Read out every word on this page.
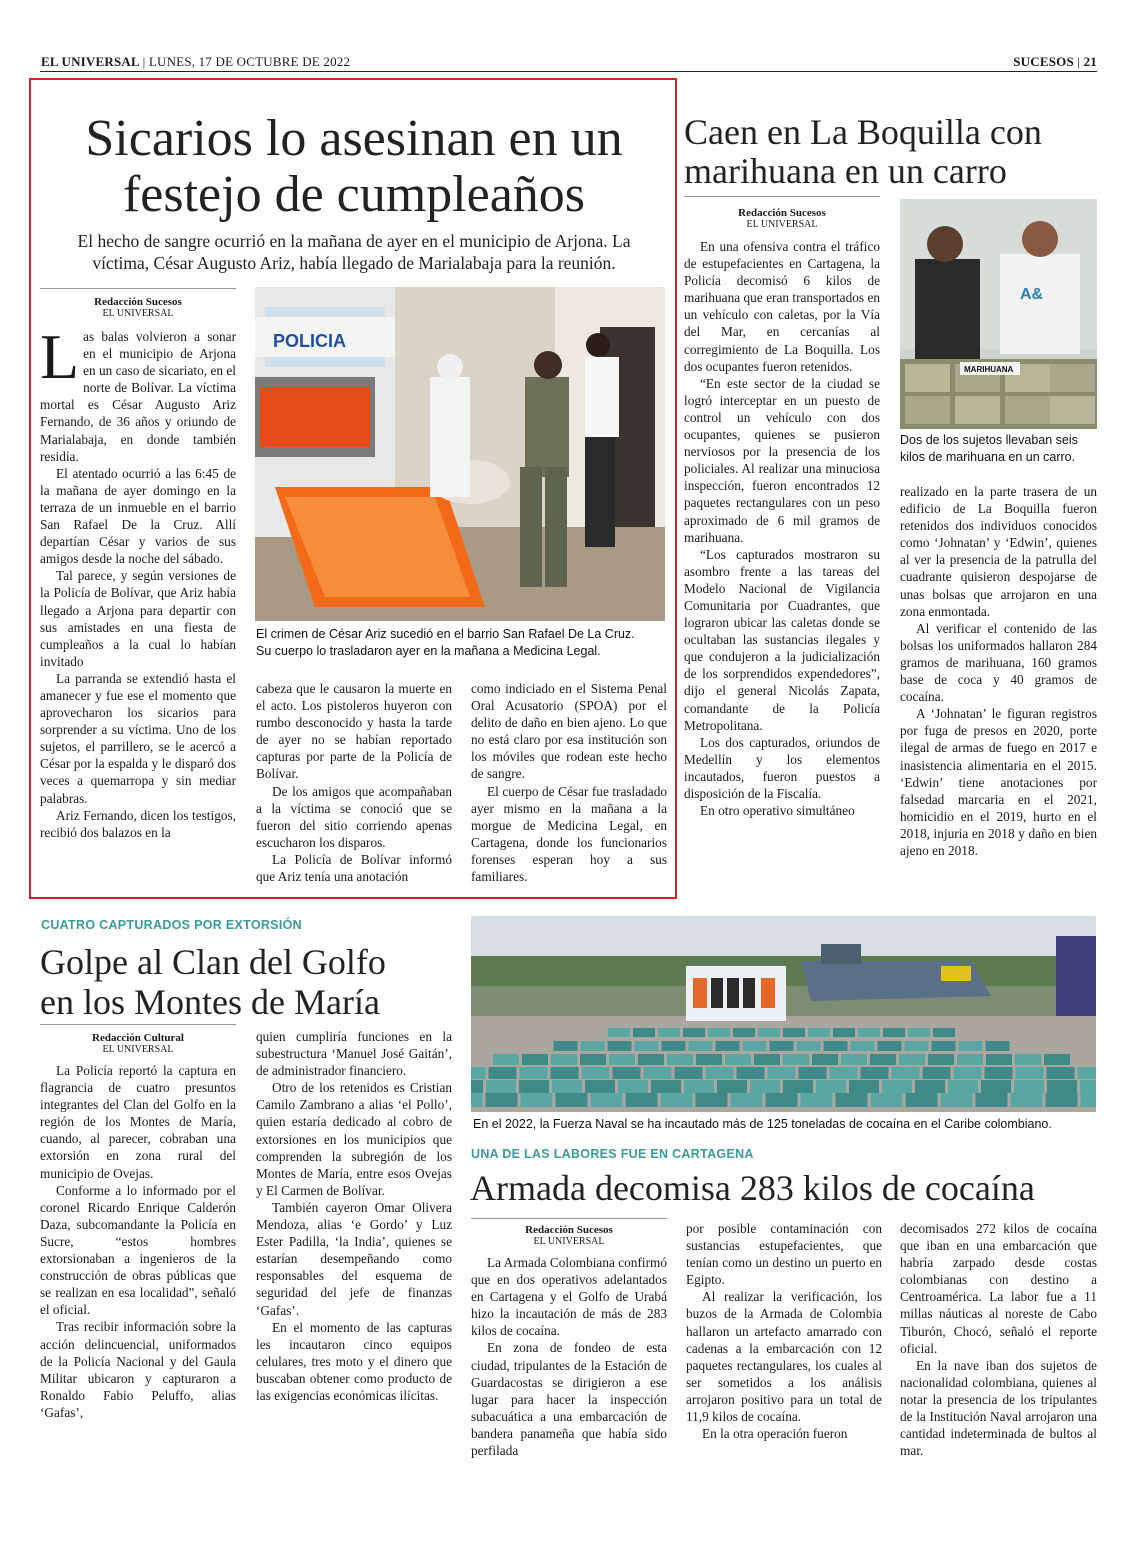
EL UNIVERSAL | LUNES, 17 DE OCTUBRE DE 2022	SUCESOS | 21
Sicarios lo asesinan en un
festejo de cumpleaños
El hecho de sangre ocurrió en la mañana de ayer en el municipio de Arjona. La
víctima, César Augusto Ariz, había llegado de Marialabaja para la reunión.
Redacción Sucesos
EL UNIVERSAL

Las balas volvieron a sonar en el municipio de Arjona en un caso de sicariato, en el norte de Bolívar. La víctima mortal es César Augusto Ariz Fernando, de 36 años y oriundo de Marialabaja, en donde también residía.

El atentado ocurrió a las 6:45 de la mañana de ayer domingo en la terraza de un inmueble en el barrio San Rafael De la Cruz. Allí departían César y varios de sus amigos desde la noche del sábado.

Tal parece, y según versiones de la Policía de Bolívar, que Ariz había llegado a Arjona para departir con sus amistades en una fiesta de cumpleaños a la cual lo habían invitado

La parranda se extendió hasta el amanecer y fue ese el momento que aprovecharon los sicarios para sorprender a su víctima. Uno de los sujetos, el parrillero, se le acercó a César por la espalda y le disparó dos veces a quemarropa y sin mediar palabras.

Ariz Fernando, dicen los testigos, recibió dos balazos en la

POLICIA
El crimen de César Ariz sucedió en el barrio San Rafael De La Cruz.
Su cuerpo lo trasladaron ayer en la mañana a Medicina Legal.

cabeza que le causaron la muerte en el acto. Los pistoleros huyeron con rumbo desconocido y hasta la tarde de ayer no se habían reportado capturas por parte de la Policía de Bolívar.

De los amigos que acompañaban a la víctima se conoció que se fueron del sitio corriendo apenas escucharon los disparos.

La Policía de Bolívar informó que Ariz tenía una anotación

como indiciado en el Sistema Penal Oral Acusatorio (SPOA) por el delito de daño en bien ajeno. Lo que no está claro por esa institución son los móviles que rodean este hecho de sangre.

El cuerpo de César fue trasladado ayer mismo en la mañana a la morgue de Medicina Legal, en Cartagena, donde los funcionarios forenses esperan hoy a sus familiares.

Caen en La Boquilla con
marihuana en un carro
Redacción Sucesos
EL UNIVERSAL

En una ofensiva contra el tráfico de estupefacientes en Cartagena, la Policía decomisó 6 kilos de marihuana que eran transportados en un vehículo con caletas, por la Vía del Mar, en cercanías al corregimiento de La Boquilla. Los dos ocupantes fueron retenidos.

“En este sector de la ciudad se logró interceptar en un puesto de control un vehículo con dos ocupantes, quienes se pusieron nerviosos por la presencia de los policiales. Al realizar una minuciosa inspección, fueron encontrados 12 paquetes rectangulares con un peso aproximado de 6 mil gramos de marihuana.

“Los capturados mostraron su asombro frente a las tareas del Modelo Nacional de Vigilancia Comunitaria por Cuadrantes, que lograron ubicar las caletas donde se ocultaban las sustancias ilegales y que condujeron a la judicialización de los sorprendidos expendedores”, dijo el general Nicolás Zapata, comandante de la Policía Metropolitana.

Los dos capturados, oriundos de Medellín y los elementos incautados, fueron puestos a disposición de la Fiscalía.

En otro operativo simultáneo

A&
MARIHUANA
Dos de los sujetos llevaban seis
kilos de marihuana en un carro.

realizado en la parte trasera de un edificio de La Boquilla fueron retenidos dos individuos conocidos como ‘Johnatan’ y ‘Edwin’, quienes al ver la presencia de la patrulla del cuadrante quisieron despojarse de unas bolsas que arrojaron en una zona enmontada.

Al verificar el contenido de las bolsas los uniformados hallaron 284 gramos de marihuana, 160 gramos base de coca y 40 gramos de cocaína.

A ‘Johnatan’ le figuran registros por fuga de presos en 2020, porte ilegal de armas de fuego en 2017 e inasistencia alimentaria en el 2015. ‘Edwin’ tiene anotaciones por falsedad marcaria en el 2021, homicidio en el 2019, hurto en el 2018, injuria en 2018 y daño en bien ajeno en 2018.

CUATRO CAPTURADOS POR EXTORSIÓN
Golpe al Clan del Golfo
en los Montes de María
Redacción Cultural
EL UNIVERSAL

La Policía reportó la captura en flagrancia de cuatro presuntos integrantes del Clan del Golfo en la región de los Montes de María, cuando, al parecer, cobraban una extorsión en zona rural del municipio de Ovejas.

Conforme a lo informado por el coronel Ricardo Enrique Calderón Daza, subcomandante la Policía en Sucre, “estos hombres extorsionaban a ingenieros de la construcción de obras públicas que se realizan en esa localidad”, señaló el oficial.

Tras recibir información sobre la acción delincuencial, uniformados de la Policía Nacional y del Gaula Militar ubicaron y capturaron a Ronaldo Fabio Peluffo, alias ‘Gafas’,

quien cumpliría funciones en la subestructura ‘Manuel José Gaitán’, de administrador financiero.

Otro de los retenidos es Cristian Camilo Zambrano a alias ‘el Pollo’, quien estaría dedicado al cobro de extorsiones en los municipios que comprenden la subregión de los Montes de María, entre esos Ovejas y El Carmen de Bolívar.

También cayeron Omar Olivera Mendoza, alias ‘e Gordo’ y Luz Ester Padilla, ‘la India’, quienes se estarían desempeñando como responsables del esquema de seguridad del jefe de finanzas ‘Gafas’.

En el momento de las capturas les incautaron cinco equipos celulares, tres moto y el dinero que buscaban obtener como producto de las exigencias económicas ilícitas.

En el 2022, la Fuerza Naval se ha incautado más de 125 toneladas de cocaína en el Caribe colombiano.
UNA DE LAS LABORES FUE EN CARTAGENA
Armada decomisa 283 kilos de cocaína
Redacción Sucesos
EL UNIVERSAL

La Armada Colombiana confirmó que en dos operativos adelantados en Cartagena y el Golfo de Urabá hizo la incautación de más de 283 kilos de cocaína.

En zona de fondeo de esta ciudad, tripulantes de la Estación de Guardacostas se dirigieron a ese lugar para hacer la inspección subacuática a una embarcación de bandera panameña que había sido perfilada

por posible contaminación con sustancias estupefacientes, que tenían como un destino un puerto en Egipto.

Al realizar la verificación, los buzos de la Armada de Colombia hallaron un artefacto amarrado con cadenas a la embarcación con 12 paquetes rectangulares, los cuales al ser sometidos a los análisis arrojaron positivo para un total de 11,9 kilos de cocaína.

En la otra operación fueron

decomisados 272 kilos de cocaína que iban en una embarcación que habría zarpado desde costas colombianas con destino a Centroamérica. La labor fue a 11 millas náuticas al noreste de Cabo Tiburón, Chocó, señaló el reporte oficial.

En la nave iban dos sujetos de nacionalidad colombiana, quienes al notar la presencia de los tripulantes de la Institución Naval arrojaron una cantidad indeterminada de bultos al mar.
